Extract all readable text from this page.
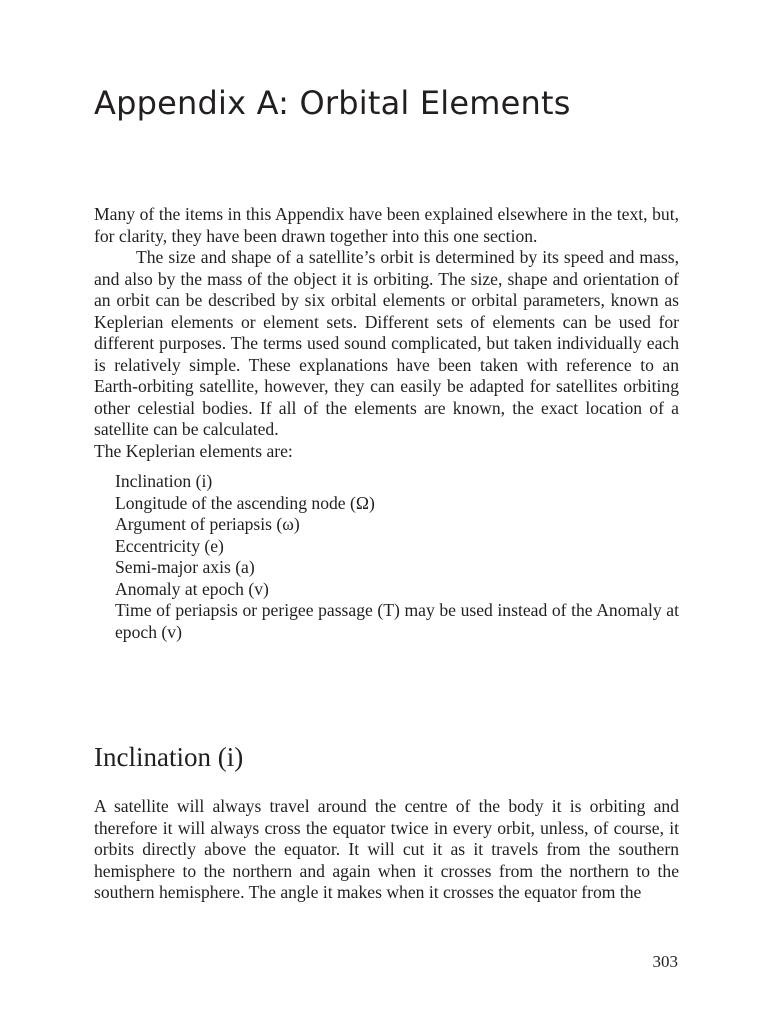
Appendix A: Orbital Elements

Many of the items in this Appendix have been explained elsewhere in the text, but, for clarity, they have been drawn together into this one section.

The size and shape of a satellite’s orbit is determined by its speed and mass, and also by the mass of the object it is orbiting. The size, shape and orientation of an orbit can be described by six orbital elements or orbital parameters, known as Keplerian elements or element sets. Different sets of elements can be used for different purposes. The terms used sound complicated, but taken individually each is relatively simple. These explanations have been taken with reference to an Earth-orbiting satellite, however, they can easily be adapted for satellites orbiting other celestial bodies. If all of the elements are known, the exact location of a satellite can be calculated.

The Keplerian elements are:

Inclination (i)
Longitude of the ascending node (Ω)
Argument of periapsis (ω)
Eccentricity (e)
Semi-major axis (a)
Anomaly at epoch (v)
Time of periapsis or perigee passage (T) may be used instead of the Anomaly at epoch (v)
Inclination (i)

A satellite will always travel around the centre of the body it is orbiting and therefore it will always cross the equator twice in every orbit, unless, of course, it orbits directly above the equator. It will cut it as it travels from the southern hemisphere to the northern and again when it crosses from the northern to the southern hemisphere. The angle it makes when it crosses the equator from the

303
